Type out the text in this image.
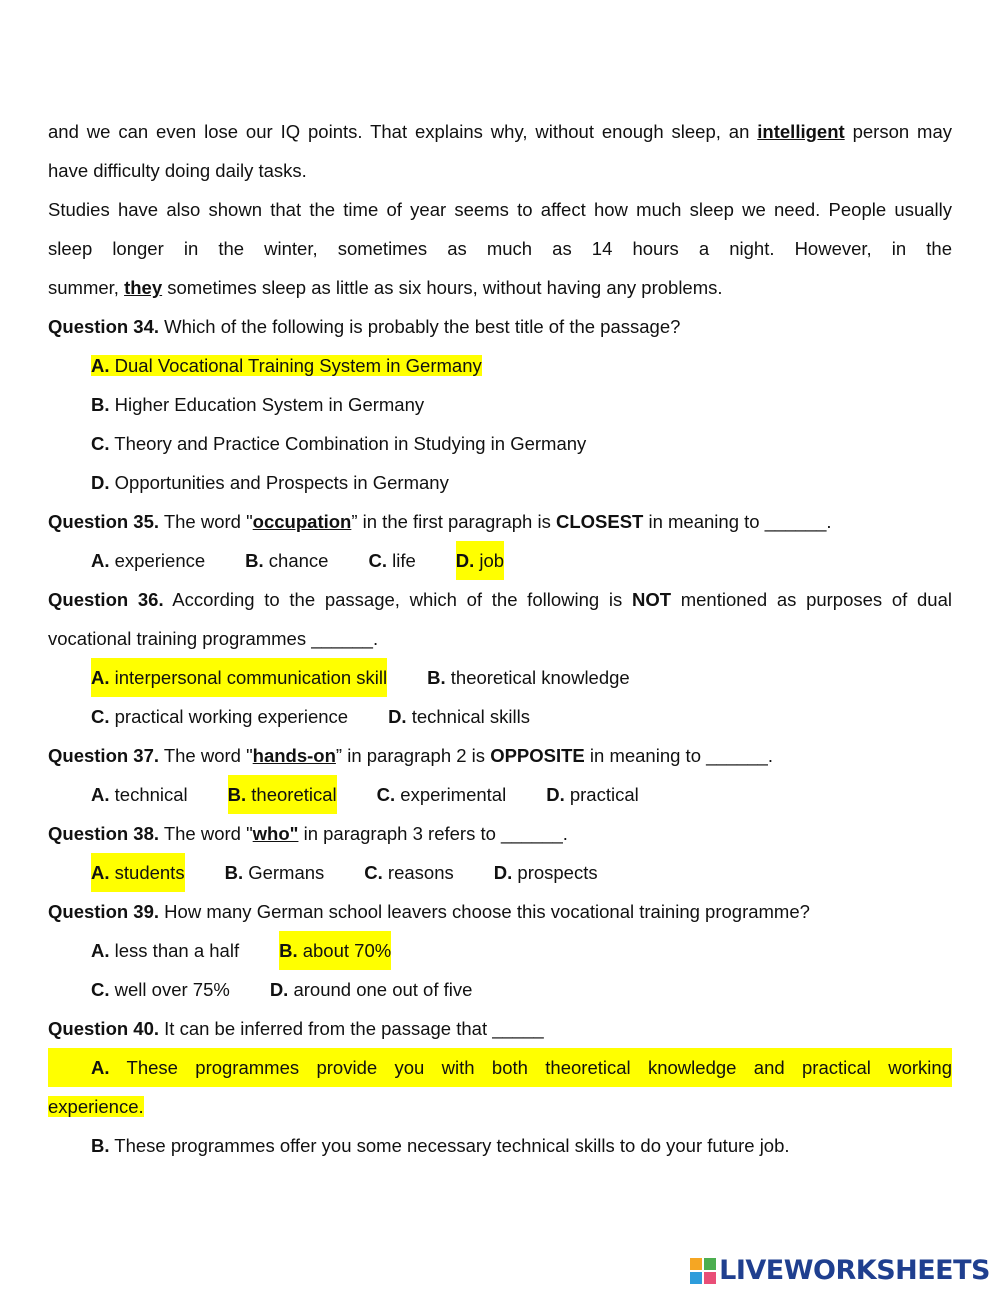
and we can even lose our IQ points. That explains why, without enough sleep, an intelligent person may
have difficulty doing daily tasks.
Studies have also shown that the time of year seems to affect how much sleep we need. People usually
sleep longer in the winter, sometimes as much as 14 hours a night. However, in the
summer, they sometimes sleep as little as six hours, without having any problems.
Question 34. Which of the following is probably the best title of the passage?
A. Dual Vocational Training System in Germany
B. Higher Education System in Germany
C. Theory and Practice Combination in Studying in Germany
D. Opportunities and Prospects in Germany
Question 35. The word "occupation” in the first paragraph is CLOSEST in meaning to ______.
A. experience B. chance C. life D. job
Question 36. According to the passage, which of the following is NOT mentioned as purposes of dual
vocational training programmes ______.
A. interpersonal communication skill B. theoretical knowledge
C. practical working experience D. technical skills
Question 37. The word "hands-on” in paragraph 2 is OPPOSITE in meaning to ______.
A. technical B. theoretical C. experimental D. practical
Question 38. The word "who" in paragraph 3 refers to ______.
A. students B. Germans C. reasons D. prospects
Question 39. How many German school leavers choose this vocational training programme?
A. less than a half B. about 70%
C. well over 75% D. around one out of five
Question 40. It can be inferred from the passage that _____
A. These programmes provide you with both theoretical knowledge and practical working
experience.
B. These programmes offer you some necessary technical skills to do your future job.
LIVEWORKSHEETS
